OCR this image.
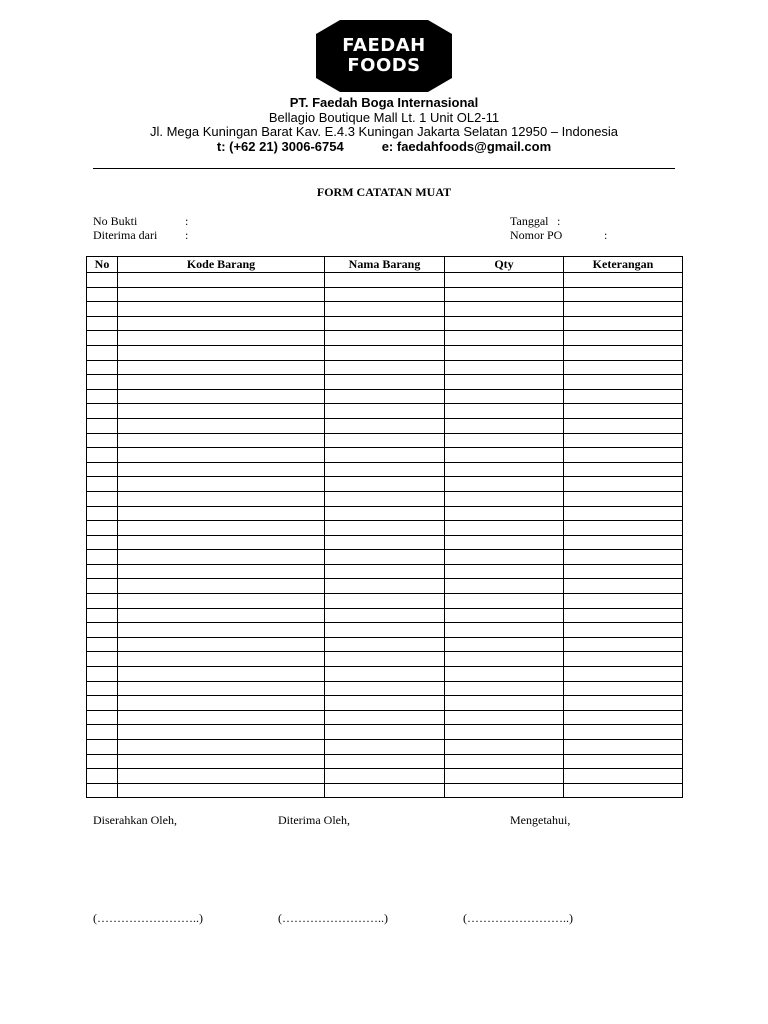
FAEDAH
FOODS
PT. Faedah Boga Internasional
Bellagio Boutique Mall Lt. 1 Unit OL2-11
Jl. Mega Kuningan Barat Kav. E.4.3 Kuningan Jakarta Selatan 12950 – Indonesia
t: (+62 21) 3006-6754	e: faedahfoods@gmail.com
FORM CATATAN MUAT
No Bukti	:
Diterima dari :
Tanggal :
Nomor PO	:
No	Kode Barang	Nama Barang	Qty	Keterangan

Diserahkan Oleh,	Diterima Oleh,	Mengetahui,
(……………………..)	(……………………..)	(……………………..)
